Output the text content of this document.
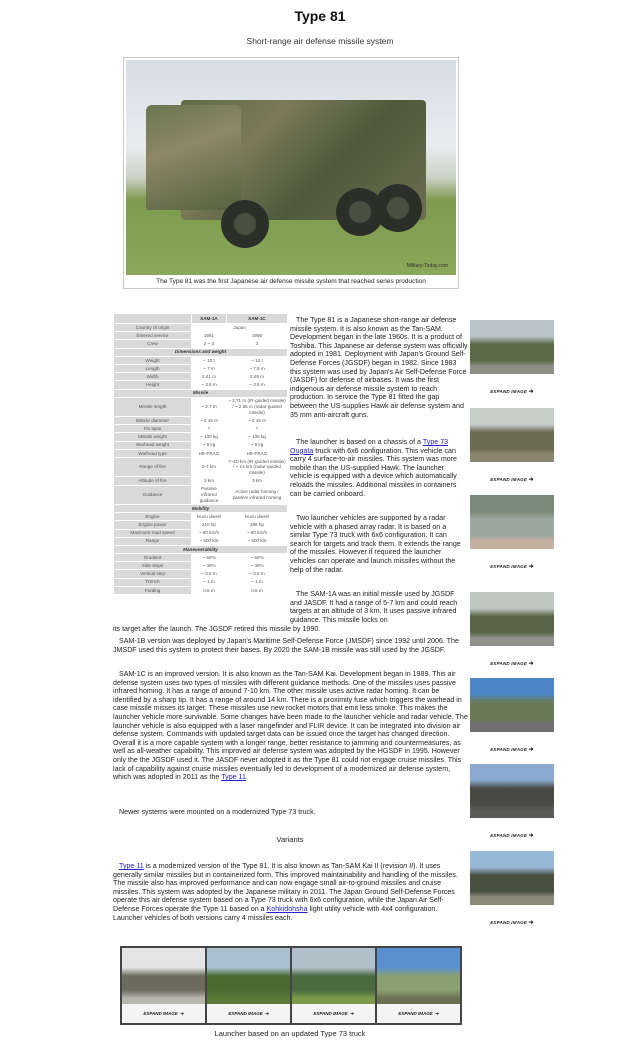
Type 81
Short-range air defense missile system
Military-Today.com
The Type 81 was the first Japanese air defense missile system that reached series production
	SAM-1A	SAM-1C
Country of origin	Japan	
Entered service	1981	1995
Crew	2 ~ 3	3
Dimensions and weight		
Weight	~ 10 t	~ 10 t
Length	~ 7 m	~ 7.5 m
Width	2.41 m	2.49 m
Height	~ 3.5 m	~ 3.5 m
Missile		
Missile length	~ 2.7 m	~ 2.71 m (IR-guided missile) / ~ 2.85 m (radar-guided missile)
Missile diameter	~ 0.16 m	~ 0.16 m
Fin span	?	?
Missile weight	~ 100 kg	~ 105 kg
Warhead weight	~ 9 kg	~ 9 kg
Warhead type	HE-FRAG	HE-FRAG
Range of fire	5-7 km	7~10 km (IR-guided missile) / ~ 14 km (radar-guided missile)
Altitude of fire	3 km	3 km
Guidance	Passive infrared guidance	Active radar homing / passive infrared homing
Mobility		
Engine	Isuzu diesel	Isuzu diesel
Engine power	210 hp	286 hp
Maximum road speed	~ 90 km/h	~ 90 km/h
Range	~ 500 km	~ 500 km
Maneuverability		
Gradient	~ 60%	~ 60%
Side slope	~ 30%	~ 30%
Vertical step	~ 0.5 m	~ 0.5 m
Trench	~ 1 m	~ 1 m
Fording	0.8 m	0.8 m

The Type 81 is a Japanese short-range air defense missile system. It is also known as the Tan-SAM. Development began in the late 1960s. It is a product of Toshiba. This Japanese air defense system was officially adopted in 1981. Deployment with Japan's Ground Self-Defense Forces (JGSDF) began in 1982. Since 1983 this system was used by Japan's Air Self-Defense Force (JASDF) for defense of airbases. It was the first indigenous air defense missile system to reach production. In service the Type 81 fitted the gap between the US-supplies Hawk air defense system and 35 mm anti-aircraft guns.

The launcher is based on a chassis of a Type 73 Ougata truck with 6x6 configuration. This vehicle can carry 4 surface-to-air missiles. This system was more mobile than the US-supplied Hawk. The launcher vehicle is equipped with a device which automatically reloads the missiles. Additional missiles in containers can be carried onboard.

Two launcher vehicles are supported by a radar vehicle with a phased array radar. It is based on a similar Type 73 truck with 6x6 configuration. It can search for targets and track them. It extends the range of the missiles. However if required the launcher vehicles can operate and launch missiles without the help of the radar.

The SAM-1A was an initial missile used by JGSDF and JASDF. It had a range of 5-7 km and could reach targets at an altitude of 3 km. It uses passive infrared guidance. This missile locks on

its target after the launch. The JGSDF retired this missile by 1990.

SAM-1B version was deployed by Japan's Maritime Self-Defense Force (JMSDF) since 1992 until 2006. The JMSDF used this system to protect their bases. By 2020 the SAM-1B missile was still used by the JGSDF.

SAM-1C is an improved version. It is also known as the Tan-SAM Kai. Development began in 1989. This air defense system uses two types of missiles with different guidance methods. One of the missiles uses passive infrared homing. It has a range of around 7-10 km. The other missile uses active radar homing. It can be identified by a sharp tip. It has a range of around 14 km. There is a proximity fuse which triggers the warhead in case missile misses its target. These missiles use new rocket motors that emit less smoke. This makes the launcher vehicle more survivable. Some changes have been made to the launcher vehicle and radar vehicle. The launcher vehicle is also equipped with a laser rangefinder and FLIR device. It can be integrated into division air defense system. Commands with updated target data can be issued once the target has changed direction. Overall it is a more capable system with a longer range, better resistance to jamming and countermeasures, as well as all-weather capability. This improved air defense system was adopted by the HGSDF in 1995. However only the the JGSDF used it. The JASDF never adopted it as the Type 81 could not engage cruise missiles. This lack of capability against cruise missiles eventually led to development of a modernized air defense system, which was adopted in 2011 as the Type 11.

Newer systems were mounted on a modernized Type 73 truck.

Variants

Type 11 is a modernized version of the Type 81. It is also known as Tan-SAM Kai II (revision II). It uses generally similar missiles but in containerized form. This improved maintainability and handling of the missiles. The missile also has improved performance and can now engage small air-to-ground missiles and cruise missiles. This system was adopted by the Japanese military in 2011. The Japan Ground Self-Defense Forces operate this air defense system based on a Type 73 truck with 6x6 configuration, while the Japan Air Self-Defense Forces operate the Type 11 based on a Kohkidohsha light utility vehicle with 4x4 configuration. Launcher vehicles of both versions carry 4 missiles each.

EXPAND IMAGE ➜
EXPAND IMAGE ➜
EXPAND IMAGE ➜
EXPAND IMAGE ➜
EXPAND IMAGE ➜
EXPAND IMAGE ➜
EXPAND IMAGE ➜
EXPAND IMAGE ➜	EXPAND IMAGE ➜	EXPAND IMAGE ➜	EXPAND IMAGE ➜
Launcher based on an updated Type 73 truck
